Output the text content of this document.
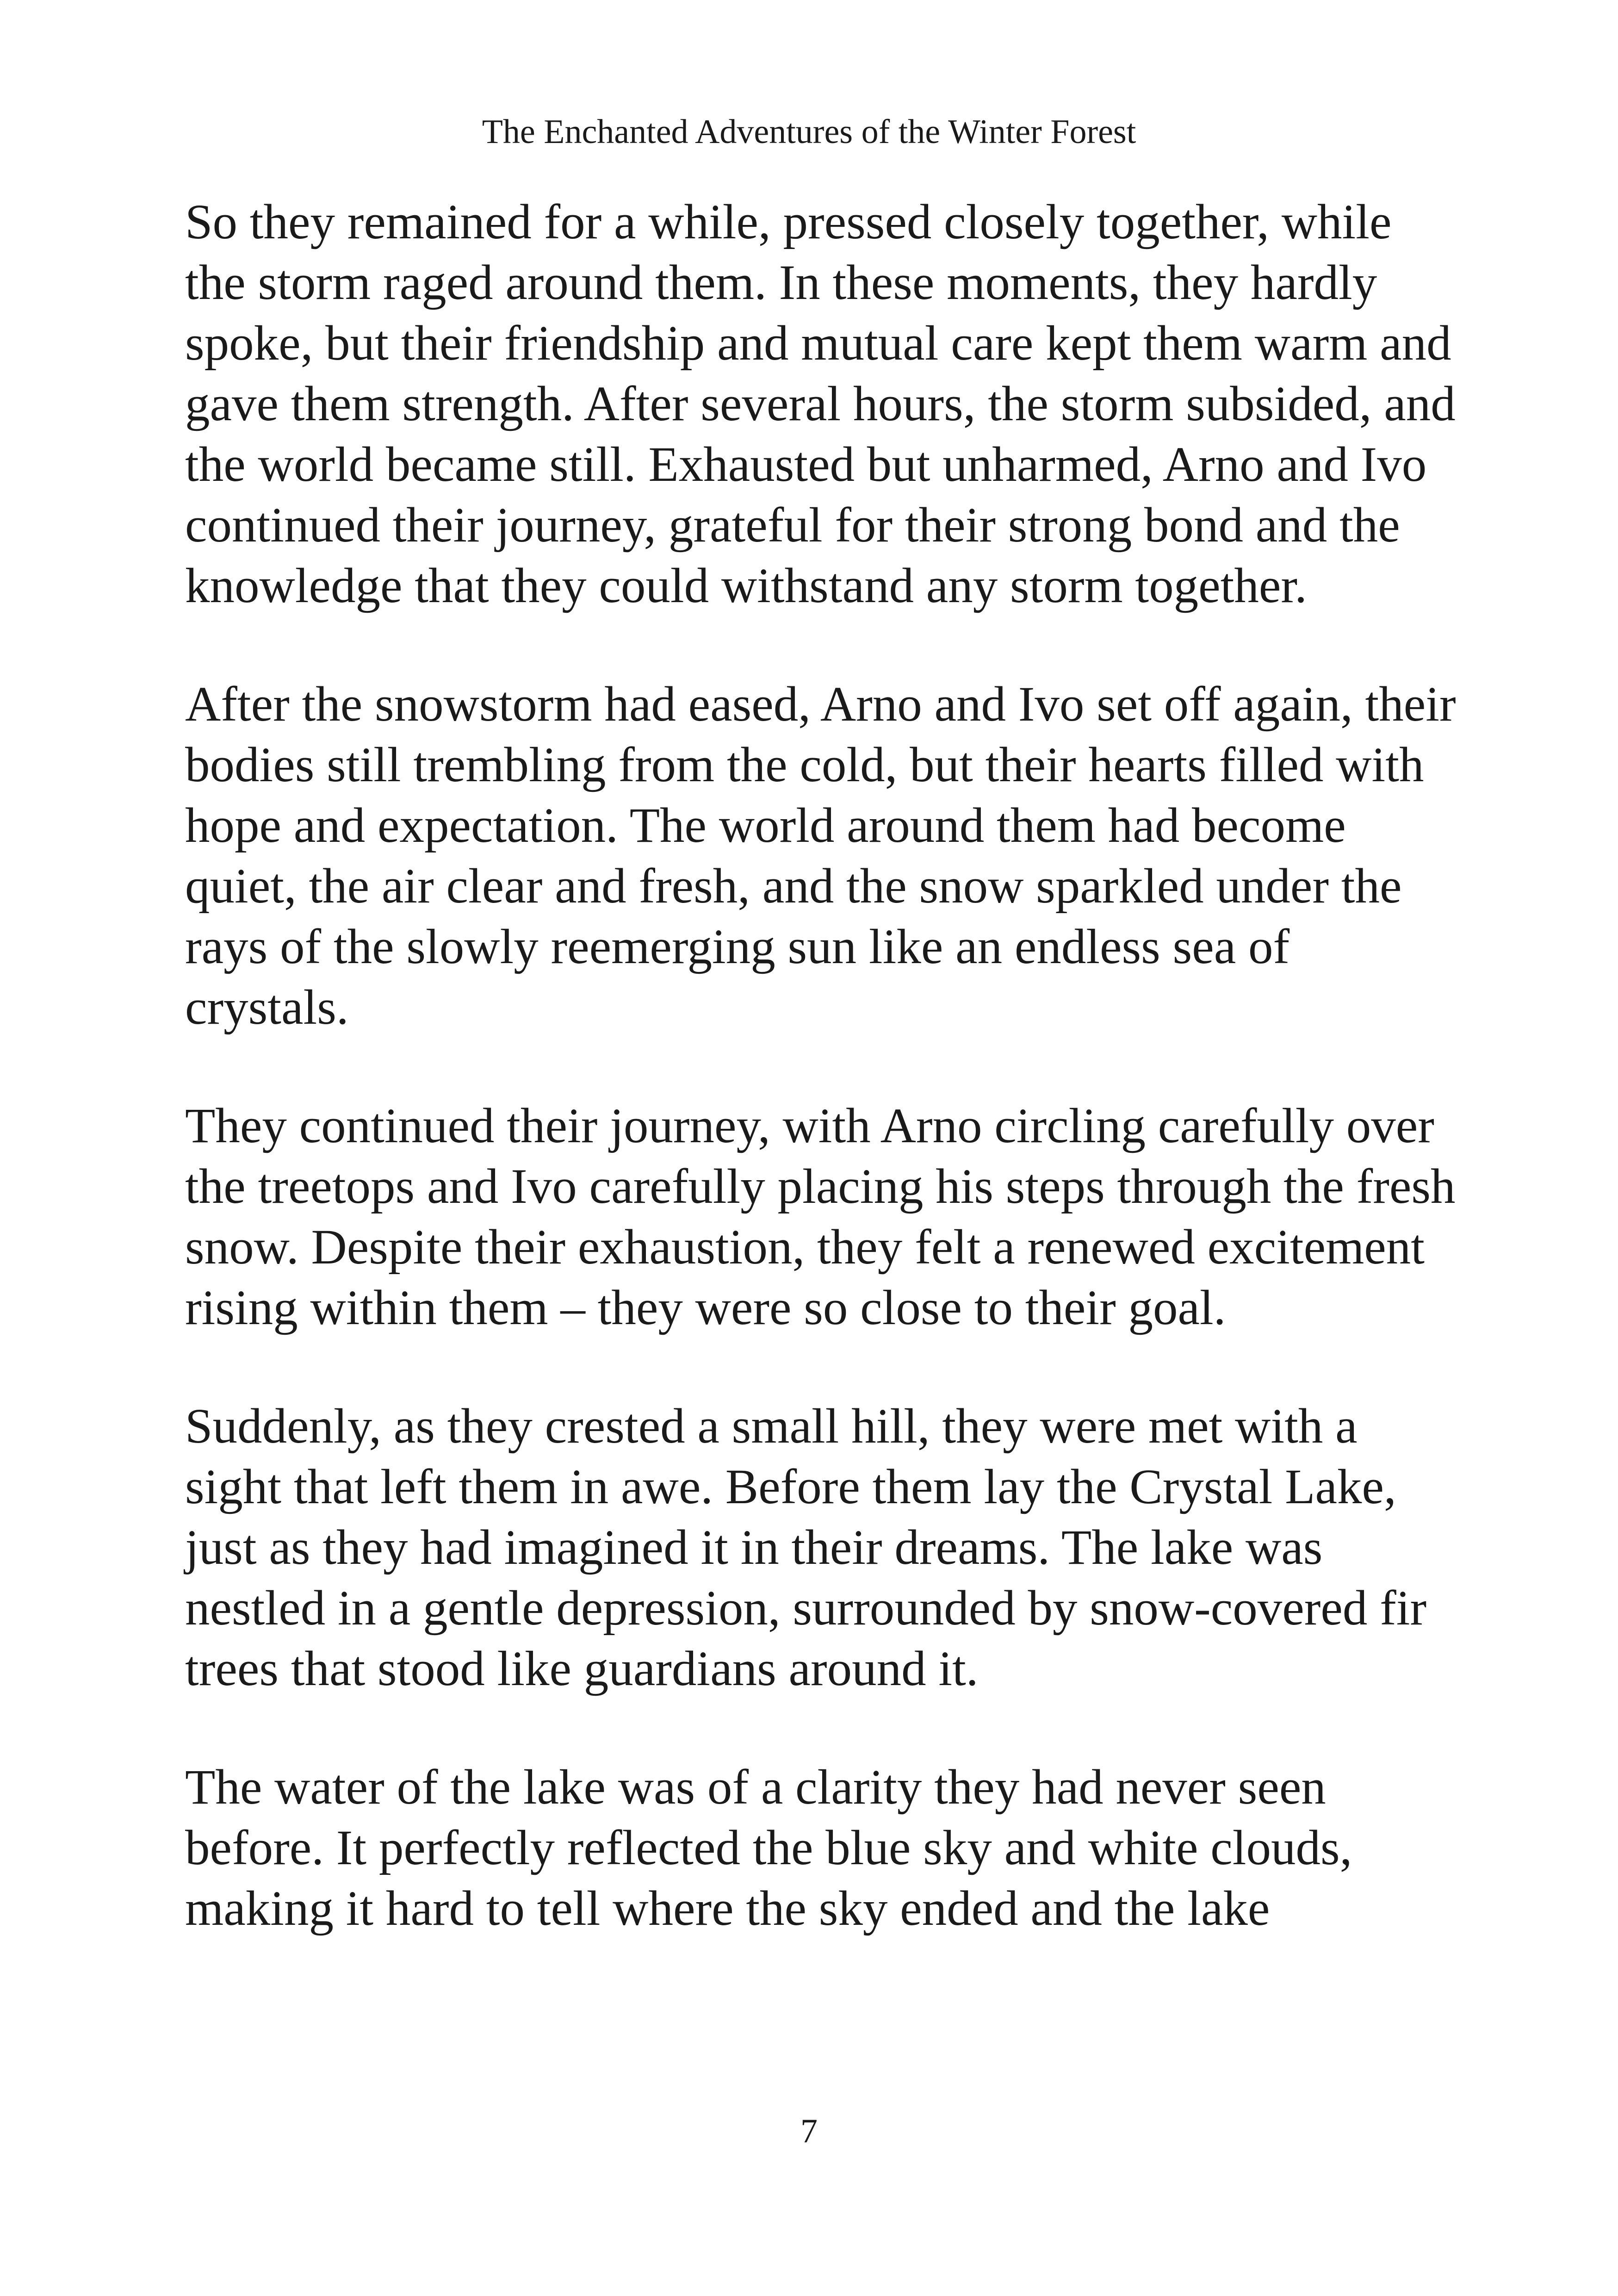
The Enchanted Adventures of the Winter Forest

So they remained for a while, pressed closely together, while the storm raged around them. In these moments, they hardly spoke, but their friendship and mutual care kept them warm and gave them strength. After several hours, the storm subsided, and the world became still. Exhausted but unharmed, Arno and Ivo continued their journey, grateful for their strong bond and the knowledge that they could withstand any storm together.

After the snowstorm had eased, Arno and Ivo set off again, their bodies still trembling from the cold, but their hearts filled with hope and expectation. The world around them had become quiet, the air clear and fresh, and the snow sparkled under the rays of the slowly reemerging sun like an endless sea of crystals.

They continued their journey, with Arno circling carefully over the treetops and Ivo carefully placing his steps through the fresh snow. Despite their exhaustion, they felt a renewed excitement rising within them – they were so close to their goal.

Suddenly, as they crested a small hill, they were met with a sight that left them in awe. Before them lay the Crystal Lake, just as they had imagined it in their dreams. The lake was nestled in a gentle depression, surrounded by snow-covered fir trees that stood like guardians around it.

The water of the lake was of a clarity they had never seen before. It perfectly reflected the blue sky and white clouds, making it hard to tell where the sky ended and the lake

7
